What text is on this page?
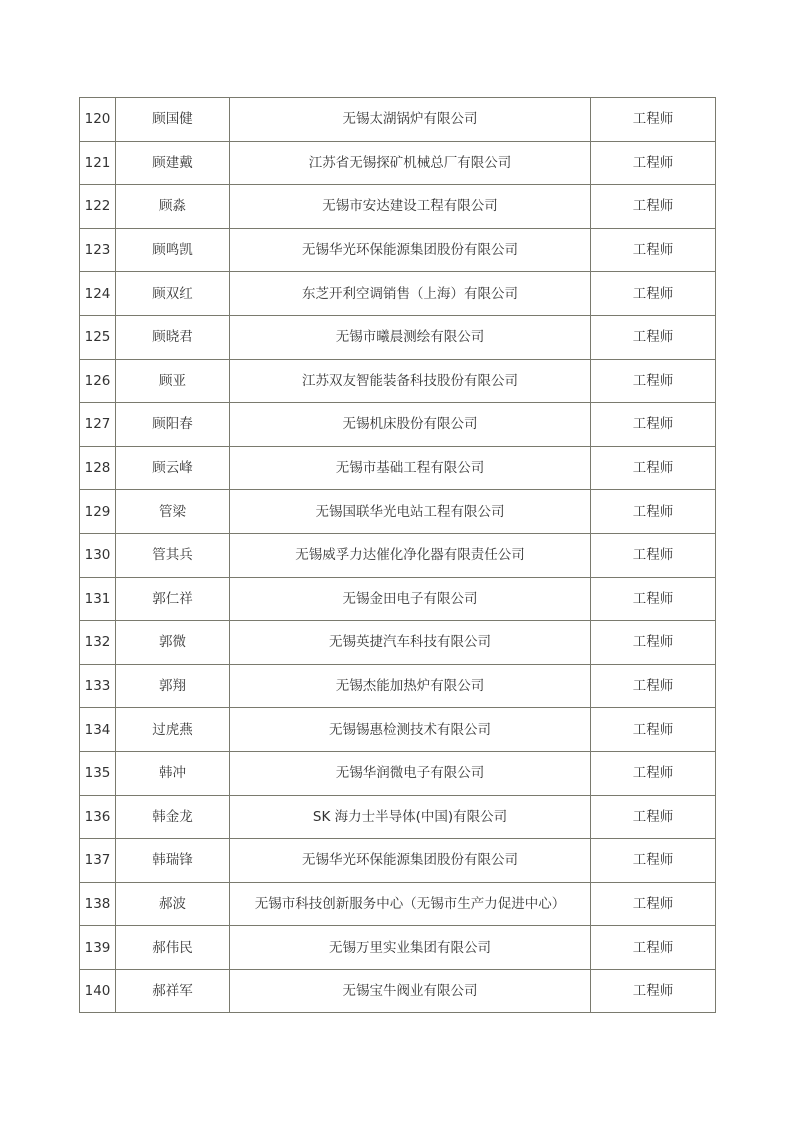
120	顾国健	无锡太湖锅炉有限公司	工程师
121	顾建戴	江苏省无锡探矿机械总厂有限公司	工程师
122	顾淼	无锡市安达建设工程有限公司	工程师
123	顾鸣凯	无锡华光环保能源集团股份有限公司	工程师
124	顾双红	东芝开利空调销售（上海）有限公司	工程师
125	顾晓君	无锡市曦晨测绘有限公司	工程师
126	顾亚	江苏双友智能装备科技股份有限公司	工程师
127	顾阳春	无锡机床股份有限公司	工程师
128	顾云峰	无锡市基础工程有限公司	工程师
129	管梁	无锡国联华光电站工程有限公司	工程师
130	管其兵	无锡威孚力达催化净化器有限责任公司	工程师
131	郭仁祥	无锡金田电子有限公司	工程师
132	郭微	无锡英捷汽车科技有限公司	工程师
133	郭翔	无锡杰能加热炉有限公司	工程师
134	过虎燕	无锡锡惠检测技术有限公司	工程师
135	韩冲	无锡华润微电子有限公司	工程师
136	韩金龙	SK 海力士半导体(中国)有限公司	工程师
137	韩瑞锋	无锡华光环保能源集团股份有限公司	工程师
138	郝波	无锡市科技创新服务中心（无锡市生产力促进中心）	工程师
139	郝伟民	无锡万里实业集团有限公司	工程师
140	郝祥军	无锡宝牛阀业有限公司	工程师
